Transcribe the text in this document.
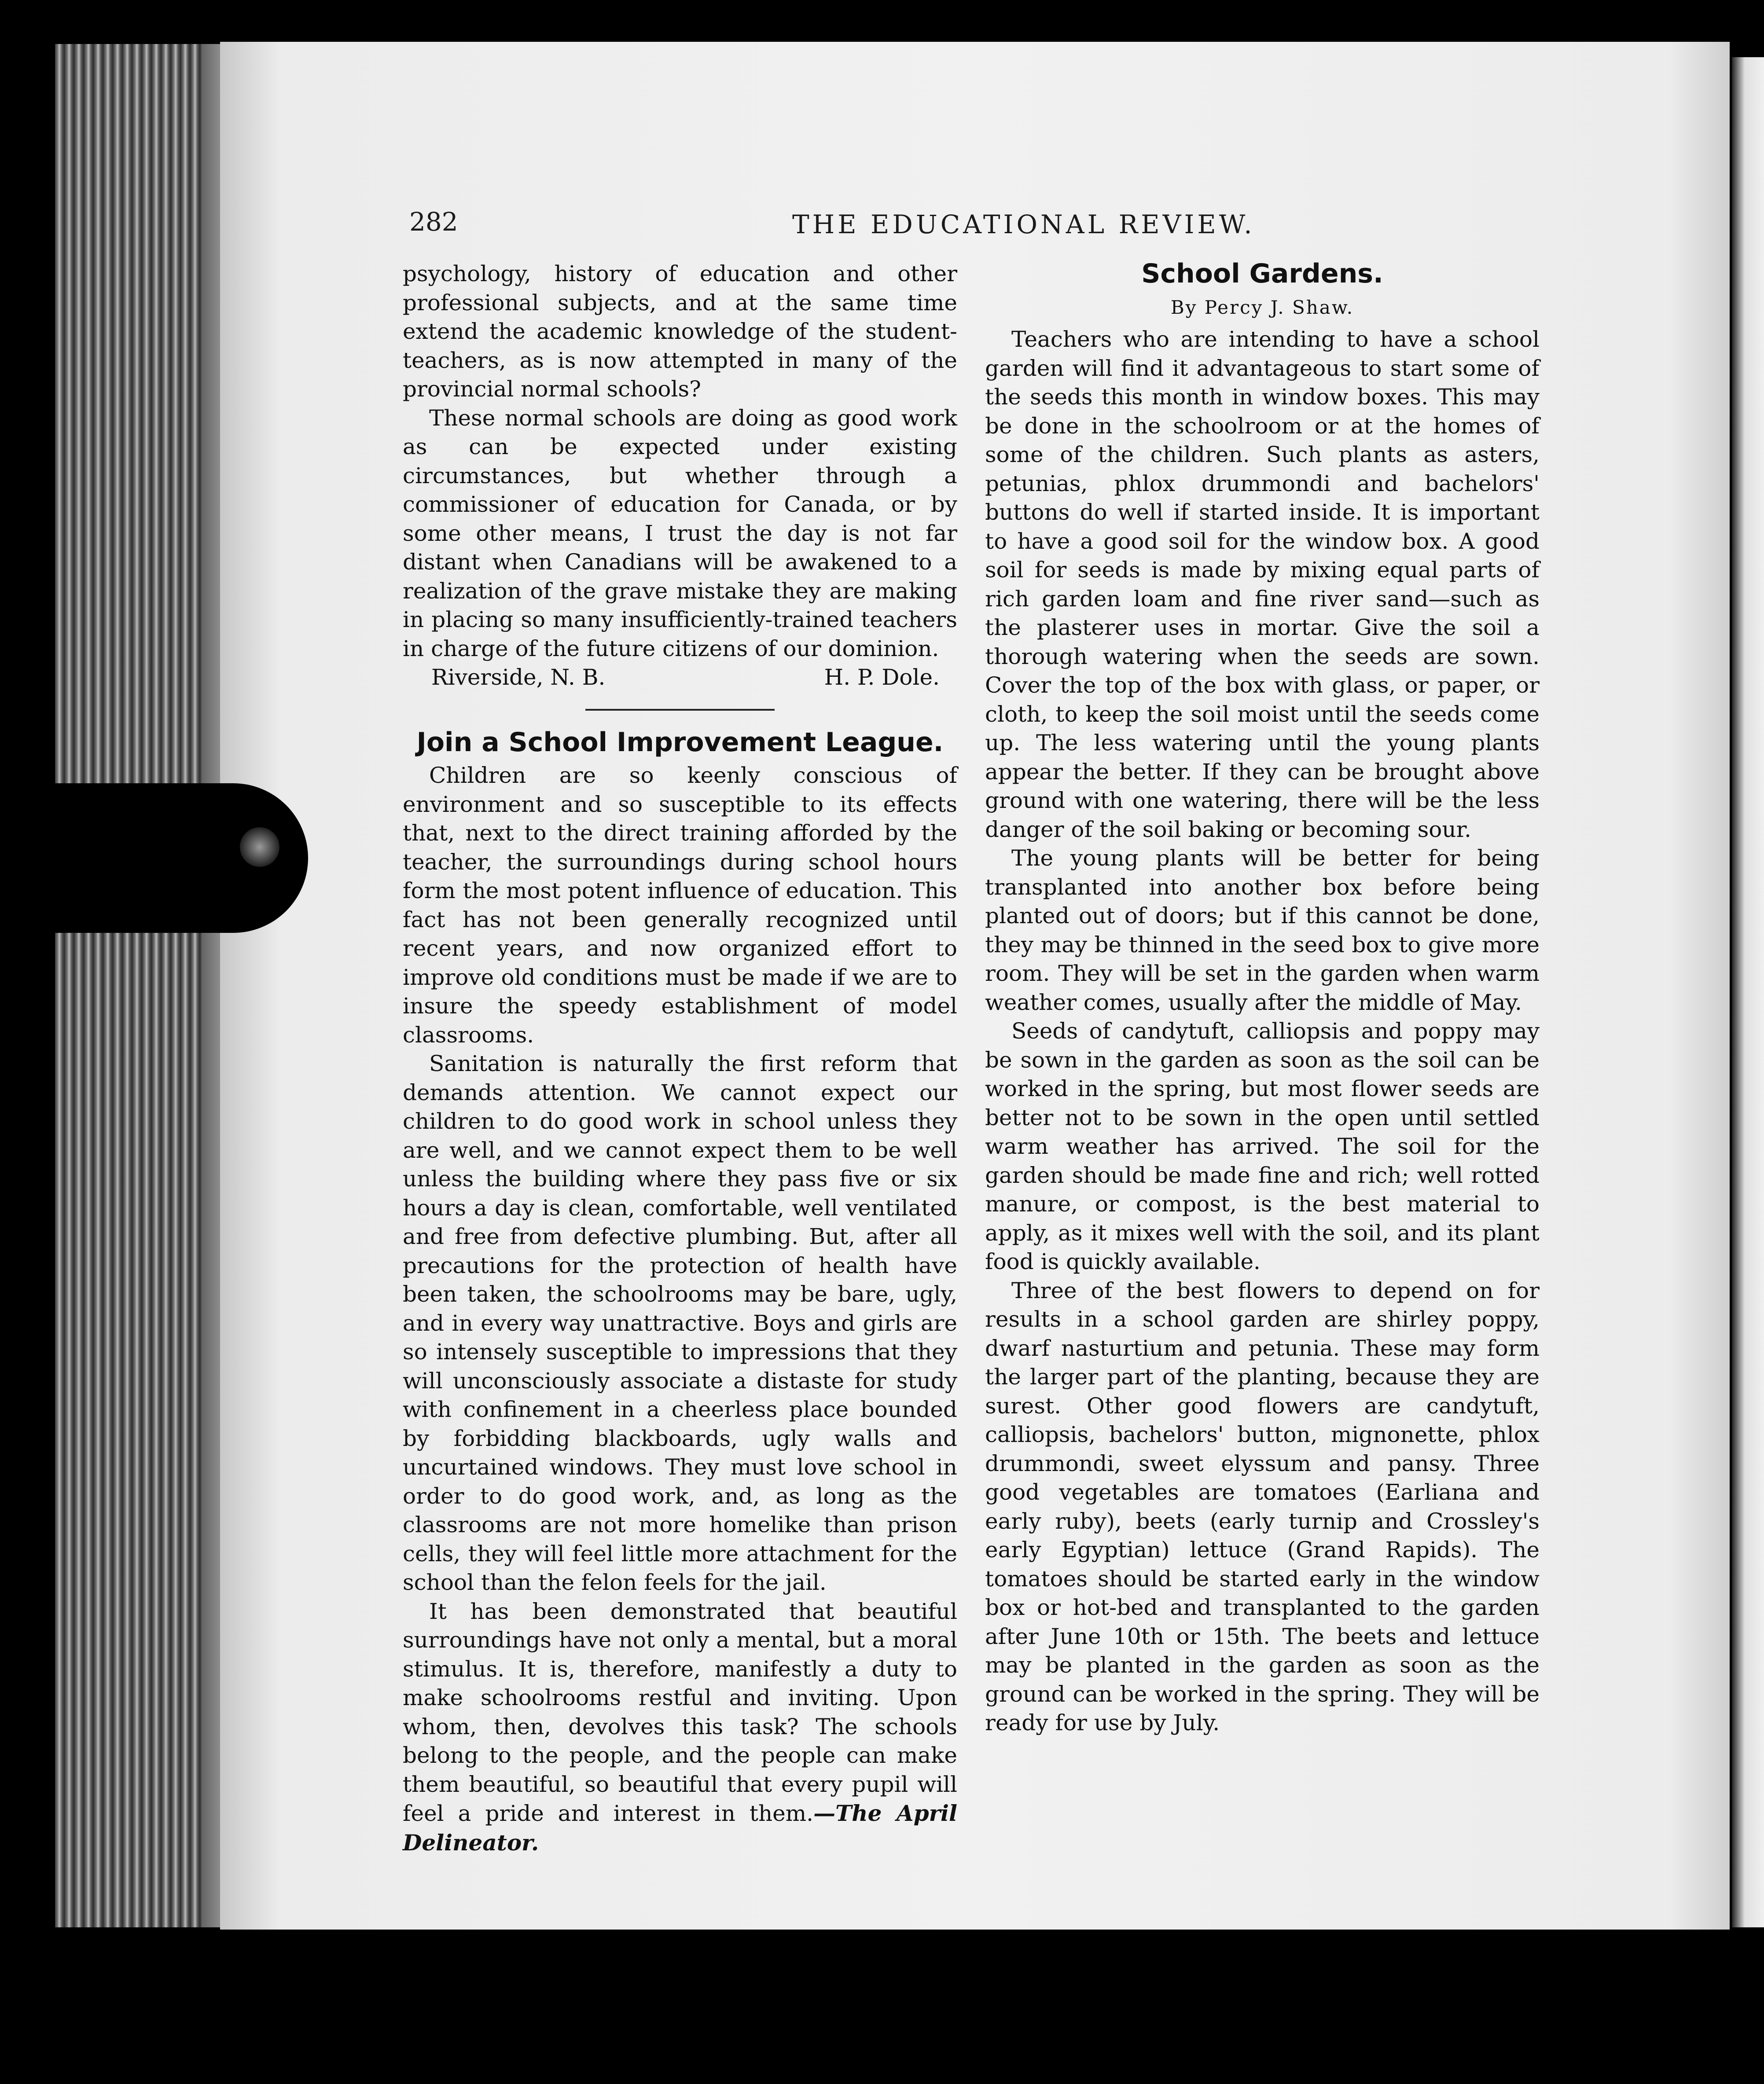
282	THE EDUCATIONAL REVIEW.

psychology, history of education and other professional subjects, and at the same time extend the academic knowledge of the student-teachers, as is now attempted in many of the provincial normal schools?

These normal schools are doing as good work as can be expected under existing circumstances, but whether through a commissioner of education for Canada, or by some other means, I trust the day is not far distant when Canadians will be awakened to a realization of the grave mistake they are making in placing so many insufficiently-trained teachers in charge of the future citizens of our dominion.

Riverside, N. B.	H. P. Dole.
Join a School Improvement League.

Children are so keenly conscious of environment and so susceptible to its effects that, next to the direct training afforded by the teacher, the surroundings during school hours form the most potent influence of education. This fact has not been generally recognized until recent years, and now organized effort to improve old conditions must be made if we are to insure the speedy establishment of model classrooms.

Sanitation is naturally the first reform that demands attention. We cannot expect our children to do good work in school unless they are well, and we cannot expect them to be well unless the building where they pass five or six hours a day is clean, comfortable, well ventilated and free from defective plumbing. But, after all precautions for the protection of health have been taken, the schoolrooms may be bare, ugly, and in every way unattractive. Boys and girls are so intensely susceptible to impressions that they will unconsciously associate a distaste for study with confinement in a cheerless place bounded by forbidding blackboards, ugly walls and uncurtained windows. They must love school in order to do good work, and, as long as the classrooms are not more homelike than prison cells, they will feel little more attachment for the school than the felon feels for the jail.

It has been demonstrated that beautiful surroundings have not only a mental, but a moral stimulus. It is, therefore, manifestly a duty to make schoolrooms restful and inviting. Upon whom, then, devolves this task? The schools belong to the people, and the people can make them beautiful, so beautiful that every pupil will feel a pride and interest in them.—The April Delineator.

School Gardens.
By Percy J. Shaw.

Teachers who are intending to have a school garden will find it advantageous to start some of the seeds this month in window boxes. This may be done in the schoolroom or at the homes of some of the children. Such plants as asters, petunias, phlox drummondi and bachelors' buttons do well if started inside. It is important to have a good soil for the window box. A good soil for seeds is made by mixing equal parts of rich garden loam and fine river sand—such as the plasterer uses in mortar. Give the soil a thorough watering when the seeds are sown. Cover the top of the box with glass, or paper, or cloth, to keep the soil moist until the seeds come up. The less watering until the young plants appear the better. If they can be brought above ground with one watering, there will be the less danger of the soil baking or becoming sour.

The young plants will be better for being transplanted into another box before being planted out of doors; but if this cannot be done, they may be thinned in the seed box to give more room. They will be set in the garden when warm weather comes, usually after the middle of May.

Seeds of candytuft, calliopsis and poppy may be sown in the garden as soon as the soil can be worked in the spring, but most flower seeds are better not to be sown in the open until settled warm weather has arrived. The soil for the garden should be made fine and rich; well rotted manure, or compost, is the best material to apply, as it mixes well with the soil, and its plant food is quickly available.

Three of the best flowers to depend on for results in a school garden are shirley poppy, dwarf nasturtium and petunia. These may form the larger part of the planting, because they are surest. Other good flowers are candytuft, calliopsis, bachelors' button, mignonette, phlox drummondi, sweet elyssum and pansy. Three good vegetables are tomatoes (Earliana and early ruby), beets (early turnip and Crossley's early Egyptian) lettuce (Grand Rapids). The tomatoes should be started early in the window box or hot-bed and transplanted to the garden after June 10th or 15th. The beets and lettuce may be planted in the garden as soon as the ground can be worked in the spring. They will be ready for use by July.
